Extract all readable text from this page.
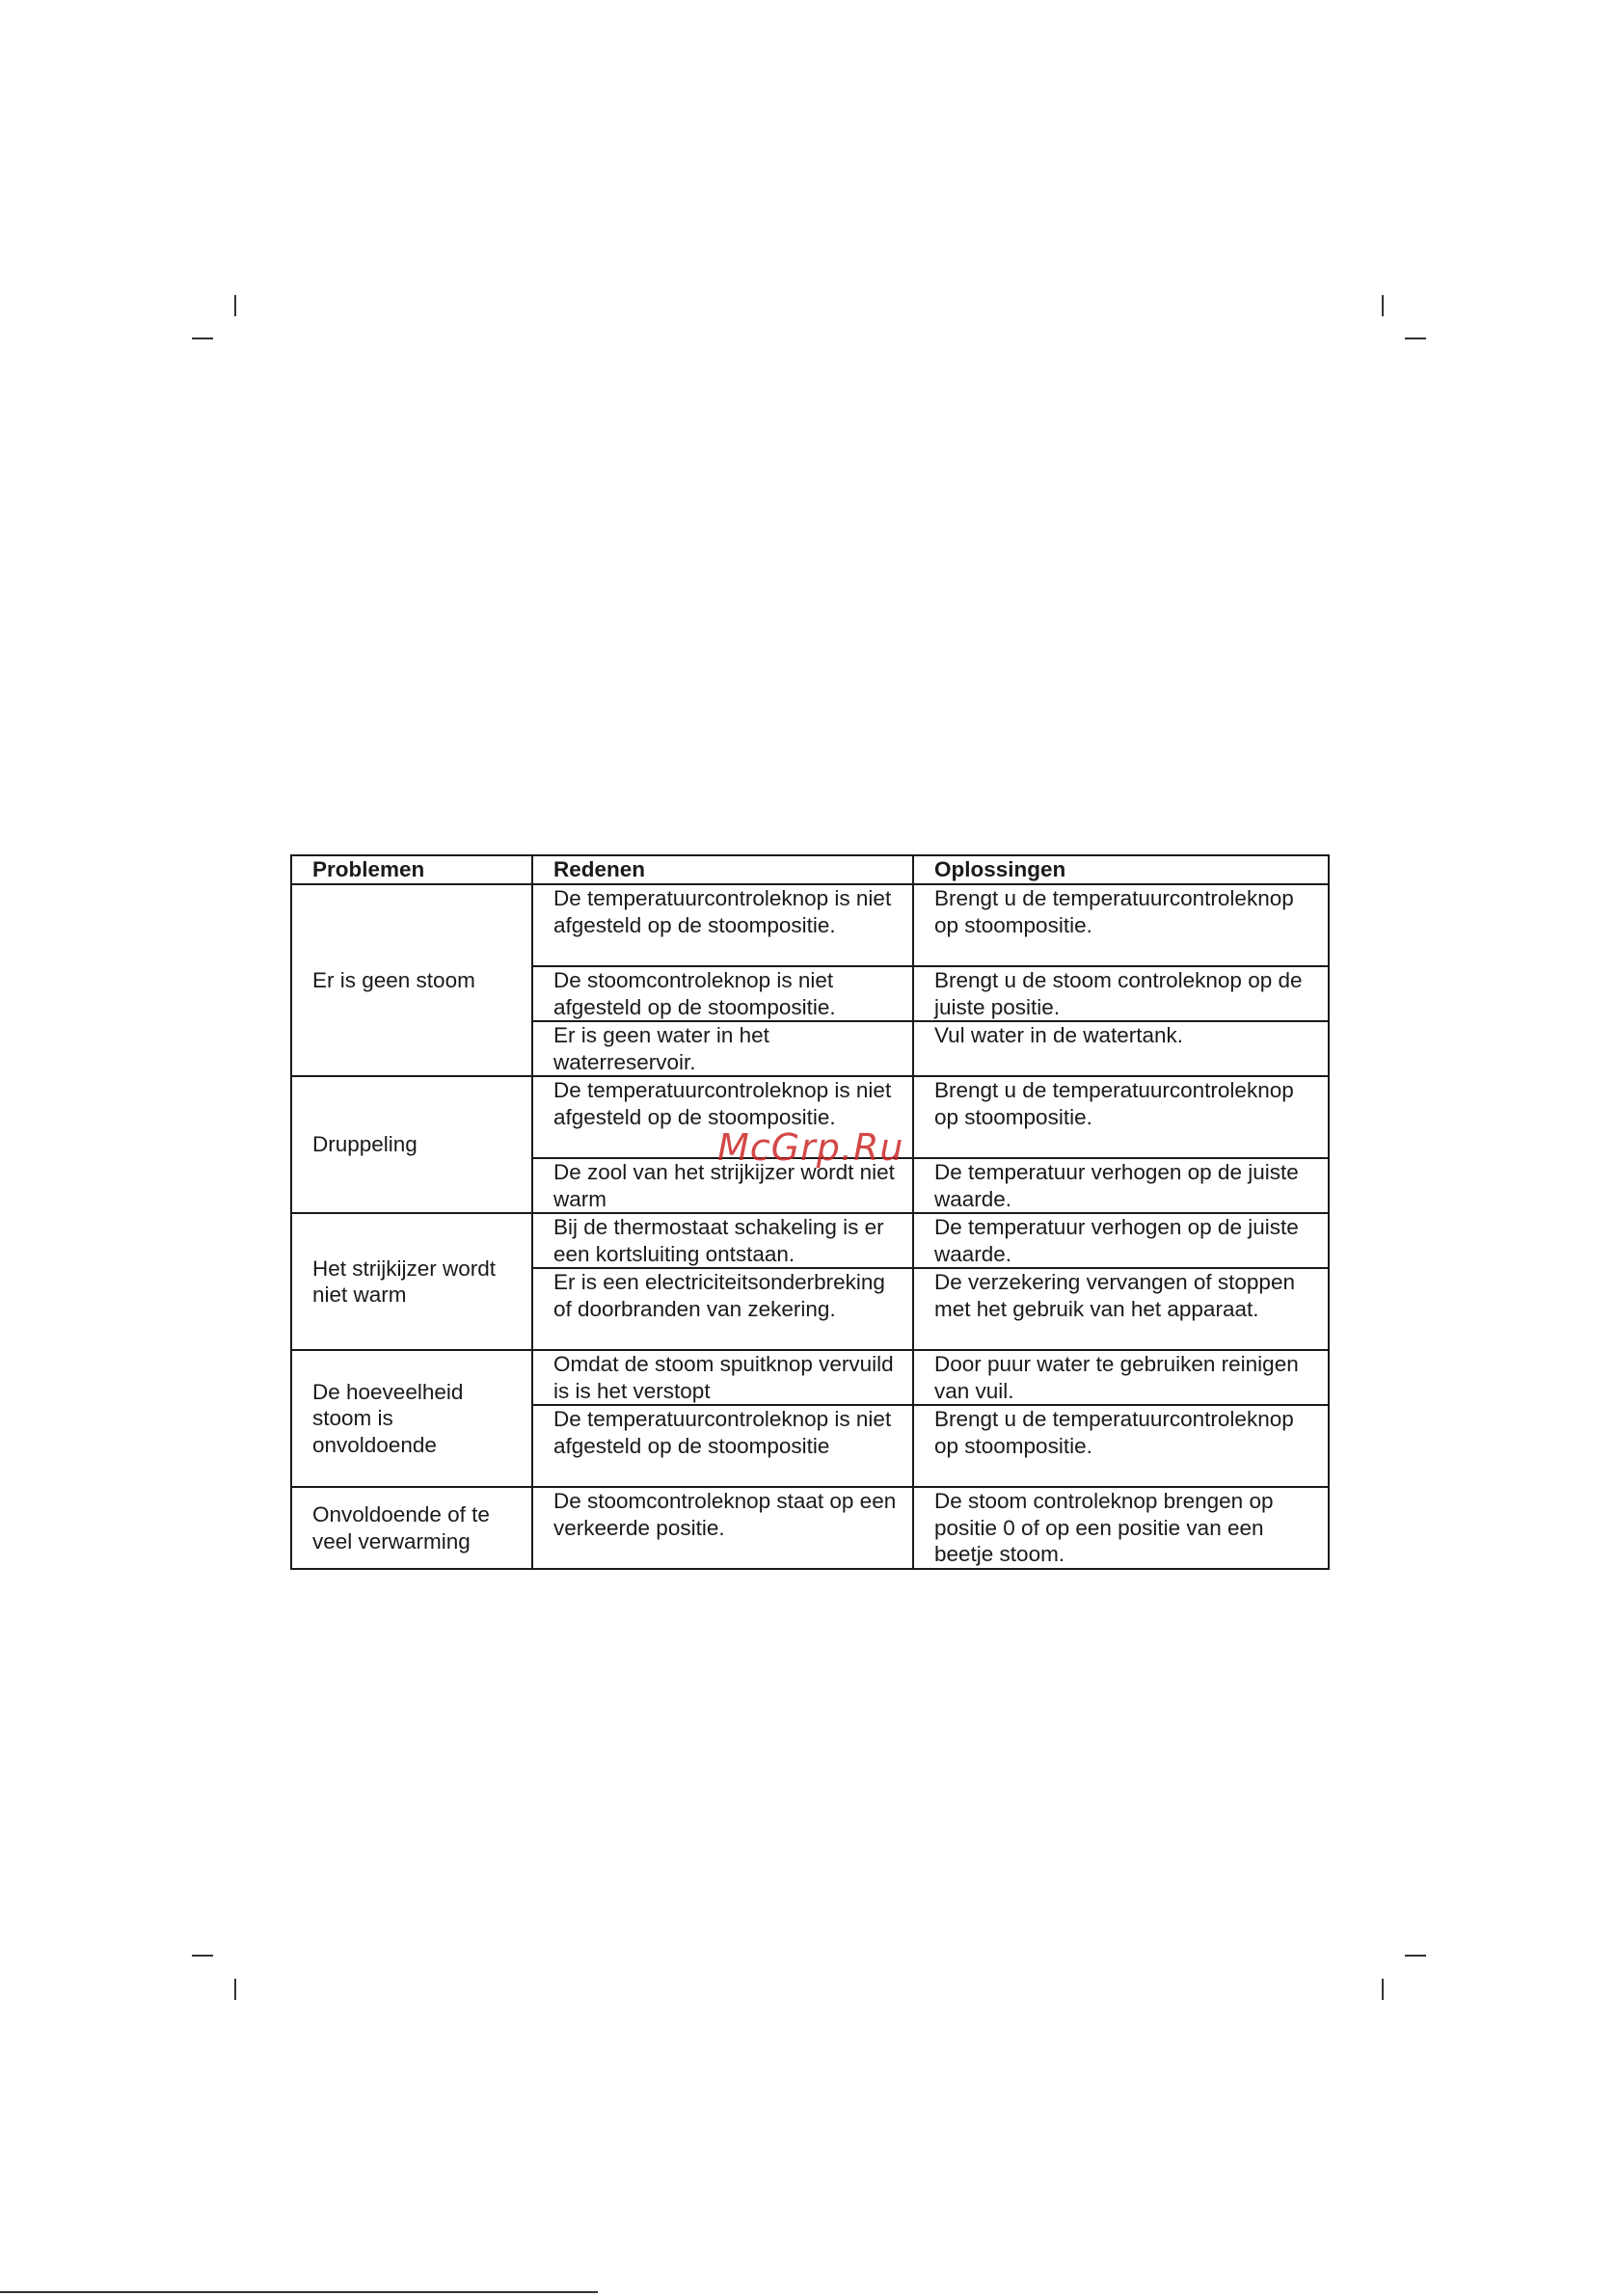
Problemen	Redenen	Oplossingen
Er is geen stoom	De temperatuurcontroleknop is niet afgesteld op de stoompositie.	Brengt u de temperatuurcontroleknop op stoompositie.
	De stoomcontroleknop is niet afgesteld op de stoompositie.	Brengt u de stoom controleknop op de juiste positie.
	Er is geen water in het waterreservoir.	Vul water in de watertank.
Druppeling	De temperatuurcontroleknop is niet afgesteld op de stoompositie.	Brengt u de temperatuurcontroleknop op stoompositie.
	De zool van het strijkijzer wordt niet warm	De temperatuur verhogen op de juiste waarde.
Het strijkijzer wordt niet warm	Bij de thermostaat schakeling is er een kortsluiting ontstaan.	De temperatuur verhogen op de juiste waarde.
	Er is een electriciteitsonderbreking of doorbranden van zekering.	De verzekering vervangen of stoppen met het gebruik van het apparaat.
De hoeveelheid stoom is onvoldoende	Omdat de stoom spuitknop vervuild is is het verstopt	Door puur water te gebruiken reinigen van vuil.
	De temperatuurcontroleknop is niet afgesteld op de stoompositie	Brengt u de temperatuurcontroleknop op stoompositie.
Onvoldoende of te veel verwarming	De stoomcontroleknop staat op een verkeerde positie.	De stoom controleknop brengen op positie 0 of op een positie van een beetje stoom.
McGrp.Ru
